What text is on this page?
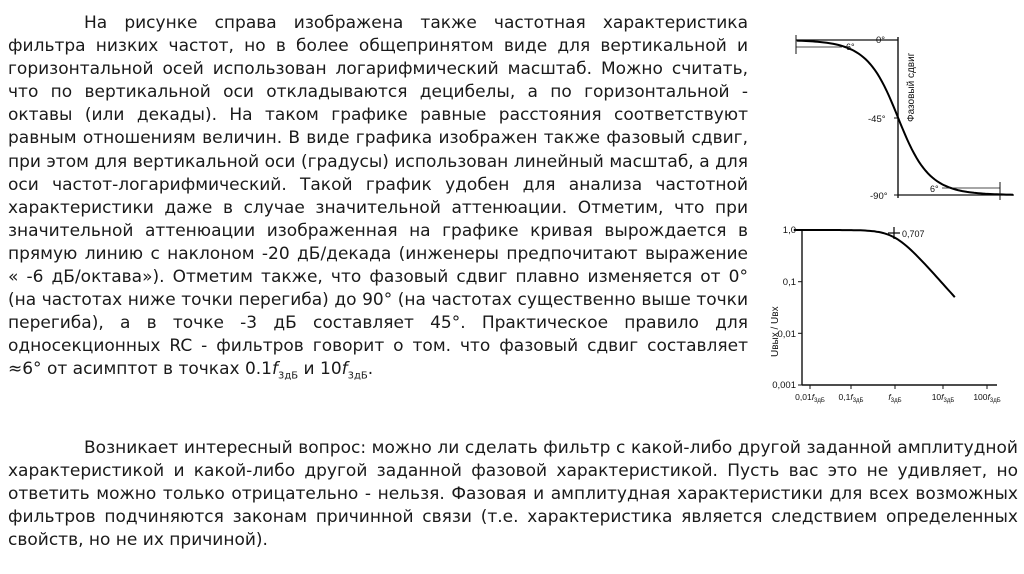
На рисунке справа изображена также частотная характеристика фильтра низких частот, но в более общепринятом виде для вертикальной и горизонтальной осей использован логарифмический масштаб. Можно считать, что по вертикальной оси откладываются децибелы, а по горизонтальной - октавы (или декады). На таком графике равные расстояния соответствуют равным отношениям величин. В виде графика изображен также фазовый сдвиг, при этом для вертикальной оси (градусы) использован линейный масштаб, а для оси частот-логарифмический. Такой график удобен для анализа частотной характеристики даже в случае значительной аттенюации. Отметим, что при значительной аттенюации изображенная на графике кривая вырождается в прямую линию с наклоном -20 дБ/декада (инженеры предпочитают выражение « -6 дБ/октава»). Отметим также, что фазовый сдвиг плавно изменяется от 0° (на частотах ниже точки перегиба) до 90° (на частотах существенно выше точки перегиба), а в точке -3 дБ составляет 45°. Практическое правило для односекционных RC - фильтров говорит о том. что фазовый сдвиг составляет ≈6° от асимптот в точках $0.1f_{3дБ}$ и $10f_{3дБ}$.

6°
6°
0°
-45°
-90°
Фазовый сдвиг
0,707
1,0
0,1
0,01
0,001
Uвых / Uвх
$0,01f_{3дБ}$ $0,1f_{3дБ}$	$f_{3дБ}$	$10f_{3дБ}$ $100f_{3дБ}$

Возникает интересный вопрос: можно ли сделать фильтр с какой-либо другой заданной амплитудной характеристикой и какой-либо другой заданной фазовой характеристикой. Пусть вас это не удивляет, но ответить можно только отрицательно - нельзя. Фазовая и амплитудная характеристики для всех возможных фильтров подчиняются законам причинной связи (т.е. характеристика является следствием определенных свойств, но не их причиной).
